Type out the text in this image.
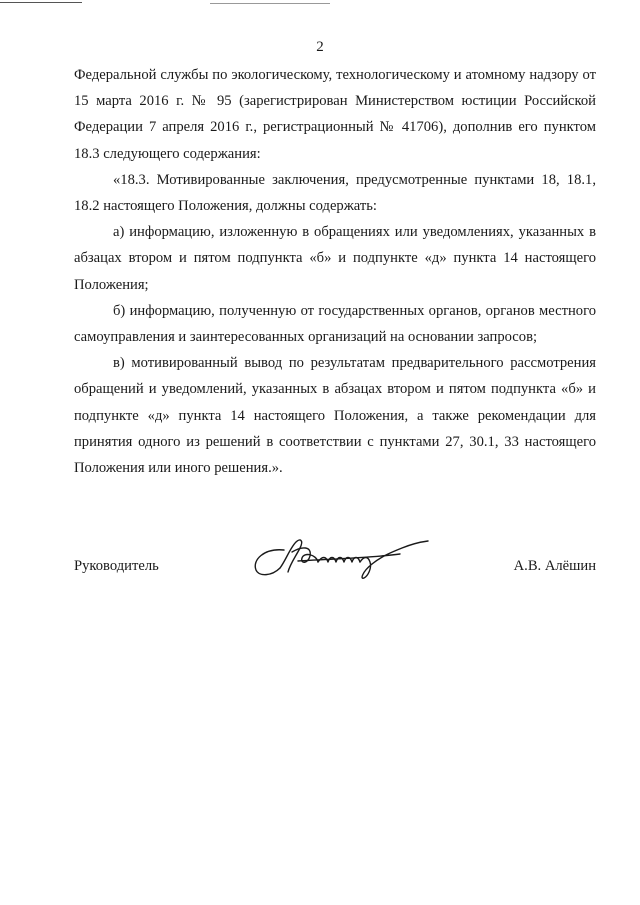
2

Федеральной службы по экологическому, технологическому и атомному надзору от 15 марта 2016 г. № 95 (зарегистрирован Министерством юстиции Российской Федерации 7 апреля 2016 г., регистрационный № 41706), дополнив его пунктом 18.3 следующего содержания:

«18.3. Мотивированные заключения, предусмотренные пунктами 18, 18.1, 18.2 настоящего Положения, должны содержать:

а) информацию, изложенную в обращениях или уведомлениях, указанных в абзацах втором и пятом подпункта «б» и подпункте «д» пункта 14 настоящего Положения;

б) информацию, полученную от государственных органов, органов местного самоуправления и заинтересованных организаций на основании запросов;

в) мотивированный вывод по результатам предварительного рассмотрения обращений и уведомлений, указанных в абзацах втором и пятом подпункта «б» и подпункте «д» пункта 14 настоящего Положения, а также рекомендации для принятия одного из решений в соответствии с пунктами 27, 30.1, 33 настоящего Положения или иного решения.».

Руководитель	А.В. Алёшин
